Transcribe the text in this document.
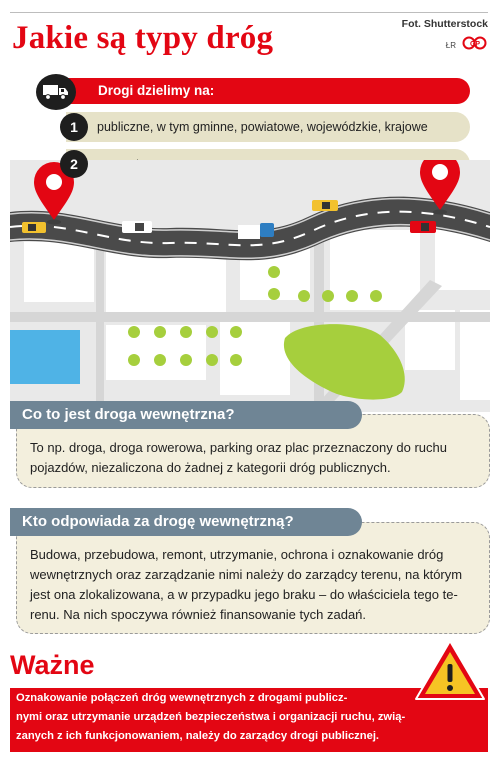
Jakie są typy dróg	Fot. Shutterstock
ŁR GP
Drogi dzielimy na:
1	publiczne, w tym gminne, powiatowe, wojewódzkie, krajowe
2
Co to jest droga wewnętrzna?
To np. droga, droga rowerowa, parking oraz plac przeznaczony do ruchu
pojazdów, niezaliczona do żadnej z kategorii dróg publicznych.
Kto odpowiada za drogę wewnętrzną?
Budowa, przebudowa, remont, utrzymanie, ochrona i oznakowanie dróg
wewnętrznych oraz zarządzanie nimi należy do zarządcy terenu, na którym
jest ona zlokalizowana, a w przypadku jego braku – do właściciela tego te-
renu. Na nich spoczywa również finansowanie tych zadań.
Ważne
Oznakowanie połączeń dróg wewnętrznych z drogami publicz-
nymi oraz utrzymanie urządzeń bezpieczeństwa i organizacji ruchu, zwią-
zanych z ich funkcjonowaniem, należy do zarządcy drogi publicznej.
